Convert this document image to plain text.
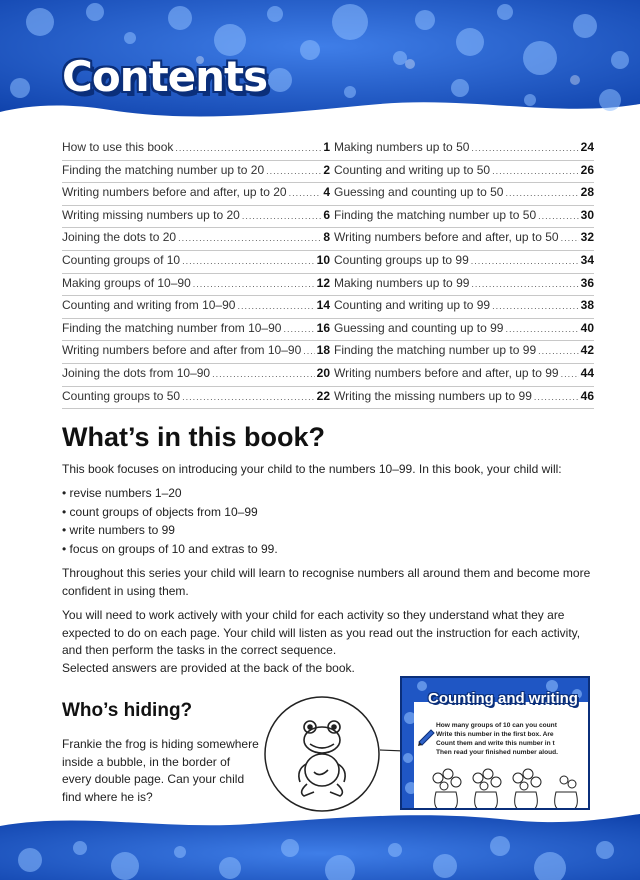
Contents
How to use this book .....	1
Finding the matching number up to 20 .....	2
Writing numbers before and after, up to 20 .....	4
Writing missing numbers up to 20 .....	6
Joining the dots to 20 .....	8
Counting groups of 10 .....	10
Making groups of 10–90 .....	12
Counting and writing from 10–90 .....	14
Finding the matching number from 10–90 .....	16
Writing numbers before and after from 10–90 ..... 18
Joining the dots from 10–90 .....	20
Counting groups to 50 .....	22
Making numbers up to 50 .....	24
Counting and writing up to 50 .....	26
Guessing and counting up to 50 .....	28
Finding the matching number up to 50 .....	30
Writing numbers before and after, up to 50 ..... 32
Counting groups up to 99 .....	34
Making numbers up to 99 .....	36
Counting and writing up to 99 .....	38
Guessing and counting up to 99 .....	40
Finding the matching number up to 99 .....	42
Writing numbers before and after, up to 99 ..... 44
Writing the missing numbers up to 99 .....	46
What’s in this book?

This book focuses on introducing your child to the numbers 10–99. In this book, your child will:

• revise numbers 1–20
• count groups of objects from 10–99
• write numbers to 99
• focus on groups of 10 and extras to 99.

Throughout this series your child will learn to recognise numbers all around them and become more confident in using them.

You will need to work actively with your child for each activity so they understand what they are expected to do on each page. Your child will listen as you read out the instruction for each activity, and then perform the tasks in the correct sequence.

Selected answers are provided at the back of the book.

Who’s hiding?

Frankie the frog is hiding somewhere inside a bubble, in the border of every double page. Can your child find where he is?

Counting and writing
How many groups of 10 can you count
Write this number in the first box. Are
Count them and write this number in t
Then read your finished number aloud.
